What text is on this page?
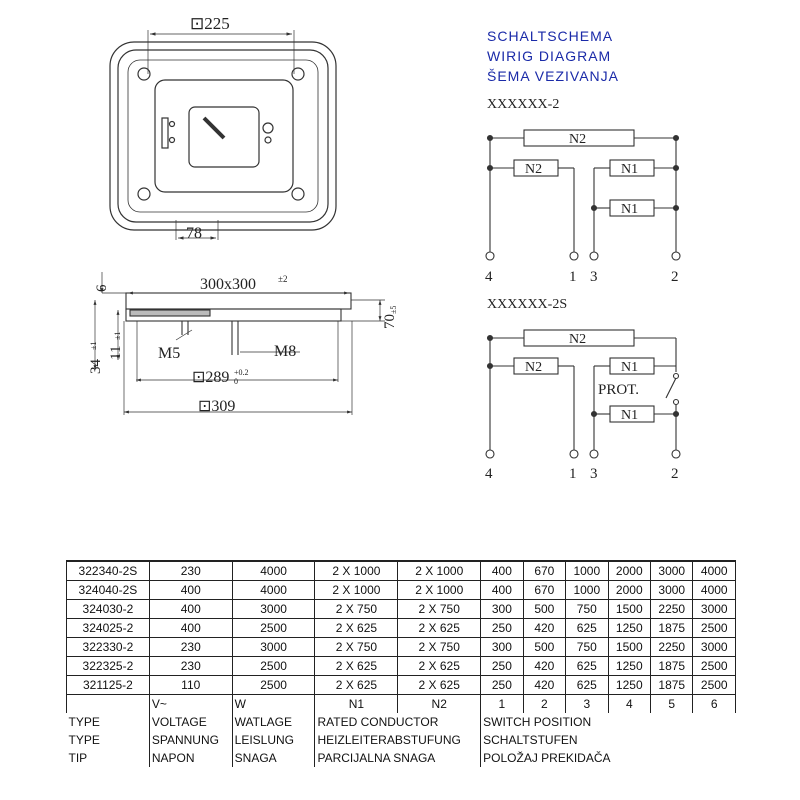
SCHALTSCHEMA
WIRIG DIAGRAM
ŠEMA VEZIVANJA
⊡225
78
6	300x300 ±2
70
±5
34
±1 11
±1
M5	M8
⊡289 +0.2
0
⊡309
XXXXXX-2
N2
N2	N1
N1
4	1 3	2
XXXXXX-2S
N2
N2	N1
PROT.
N1
4	1 3	2
322340-2S	230	4000	2 X 1000	2 X 1000	400	670	1000	2000	3000	4000
324040-2S	400	4000	2 X 1000	2 X 1000	400	670	1000	2000	3000	4000
324030-2	400	3000	2 X 750	2 X 750	300	500	750	1500	2250	3000
324025-2	400	2500	2 X 625	2 X 625	250	420	625	1250	1875	2500
322330-2	230	3000	2 X 750	2 X 750	300	500	750	1500	2250	3000
322325-2	230	2500	2 X 625	2 X 625	250	420	625	1250	1875	2500
321125-2	110	2500	2 X 625	2 X 625	250	420	625	1250	1875	2500
	V~	W	N1	N2	1	2	3	4	5	6
TYPE	VOLTAGE	WATLAGE	RATED CONDUCTOR		SWITCH POSITION					
TYPE	SPANNUNG	LEISLUNG	HEIZLEITERABSTUFUNG		SCHALTSTUFEN					
TIP	NAPON	SNAGA	PARCIJALNA SNAGA		POLOŽAJ PREKIDAČA					
